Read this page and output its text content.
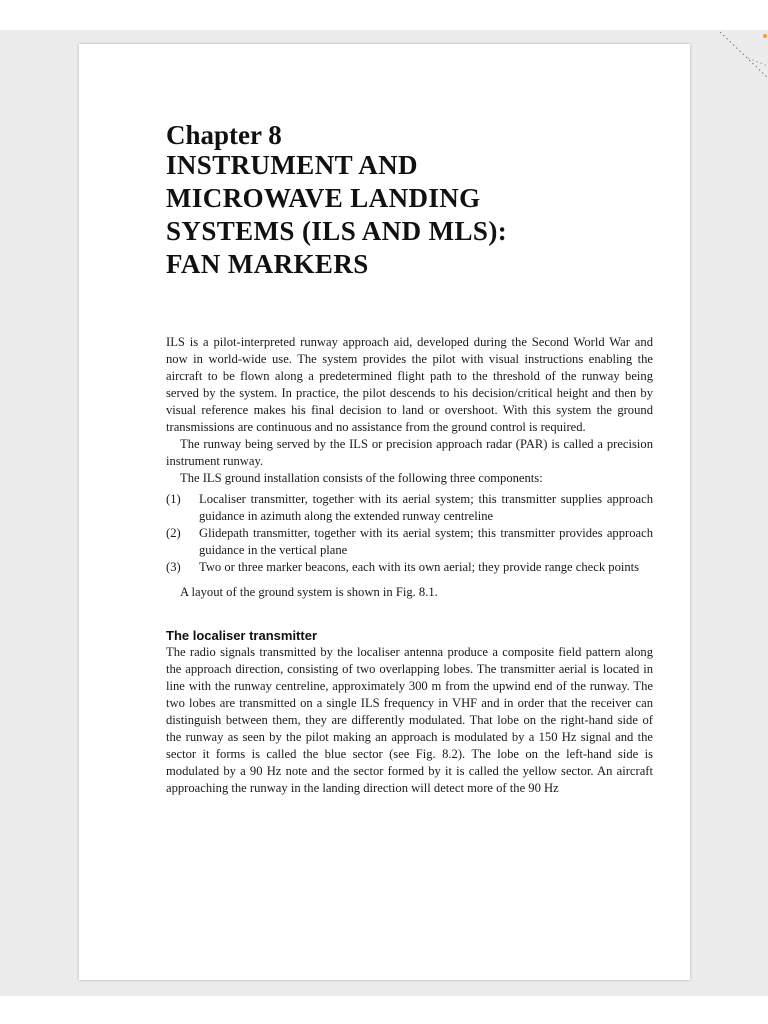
Chapter 8
INSTRUMENT AND
MICROWAVE LANDING
SYSTEMS (ILS AND MLS):
FAN MARKERS

ILS is a pilot-interpreted runway approach aid, developed during the Second World War and now in world-wide use. The system provides the pilot with visual instructions enabling the aircraft to be flown along a predetermined flight path to the threshold of the runway being served by the system. In practice, the pilot descends to his decision/critical height and then by visual reference makes his final decision to land or overshoot. With this system the ground transmissions are continuous and no assistance from the ground control is required.

The runway being served by the ILS or precision approach radar (PAR) is called a precision instrument runway.

The ILS ground installation consists of the following three components:

(1)	Localiser transmitter, together with its aerial system; this transmitter supplies approach guidance in azimuth along the extended runway centreline
(2)	Glidepath transmitter, together with its aerial system; this transmitter provides approach guidance in the vertical plane
(3)	Two or three marker beacons, each with its own aerial; they provide range check points

A layout of the ground system is shown in Fig. 8.1.

The localiser transmitter

The radio signals transmitted by the localiser antenna produce a composite field pattern along the approach direction, consisting of two overlapping lobes. The transmitter aerial is located in line with the runway centreline, approximately 300 m from the upwind end of the runway. The two lobes are transmitted on a single ILS frequency in VHF and in order that the receiver can distinguish between them, they are differently modulated. That lobe on the right-hand side of the runway as seen by the pilot making an approach is modulated by a 150 Hz signal and the sector it forms is called the blue sector (see Fig. 8.2). The lobe on the left-hand side is modulated by a 90 Hz note and the sector formed by it is called the yellow sector. An aircraft approaching the runway in the landing direction will detect more of the 90 Hz
